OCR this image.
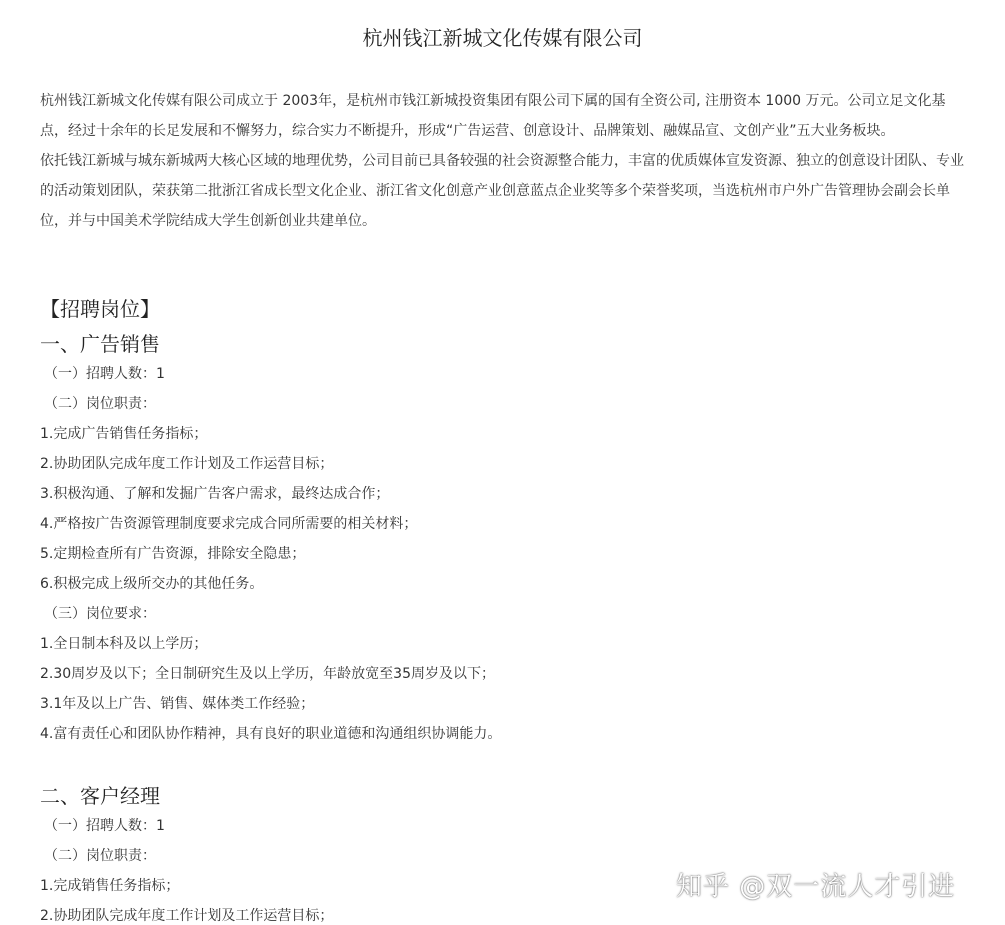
杭州钱江新城文化传媒有限公司

杭州钱江新城文化传媒有限公司成立于 2003年，是杭州市钱江新城投资集团有限公司下属的国有全资公司, 注册资本 1000 万元。公司立足文化基点，经过十余年的长足发展和不懈努力，综合实力不断提升，形成“广告运营、创意设计、品牌策划、融媒品宣、文创产业”五大业务板块。

依托钱江新城与城东新城两大核心区域的地理优势，公司目前已具备较强的社会资源整合能力，丰富的优质媒体宣发资源、独立的创意设计团队、专业的活动策划团队，荣获第二批浙江省成长型文化企业、浙江省文化创意产业创意蓝点企业奖等多个荣誉奖项，当选杭州市户外广告管理协会副会长单位，并与中国美术学院结成大学生创新创业共建单位。

【招聘岗位】
一、广告销售
（一）招聘人数：1
（二）岗位职责：
1.完成广告销售任务指标；
2.协助团队完成年度工作计划及工作运营目标；
3.积极沟通、了解和发掘广告客户需求，最终达成合作；
4.严格按广告资源管理制度要求完成合同所需要的相关材料；
5.定期检查所有广告资源，排除安全隐患；
6.积极完成上级所交办的其他任务。
（三）岗位要求：
1.全日制本科及以上学历；
2.30周岁及以下；全日制研究生及以上学历，年龄放宽至35周岁及以下；
3.1年及以上广告、销售、媒体类工作经验；
4.富有责任心和团队协作精神，具有良好的职业道德和沟通组织协调能力。
二、客户经理
（一）招聘人数：1
（二）岗位职责：
1.完成销售任务指标；
2.协助团队完成年度工作计划及工作运营目标；
知乎 @双一流人才引进
